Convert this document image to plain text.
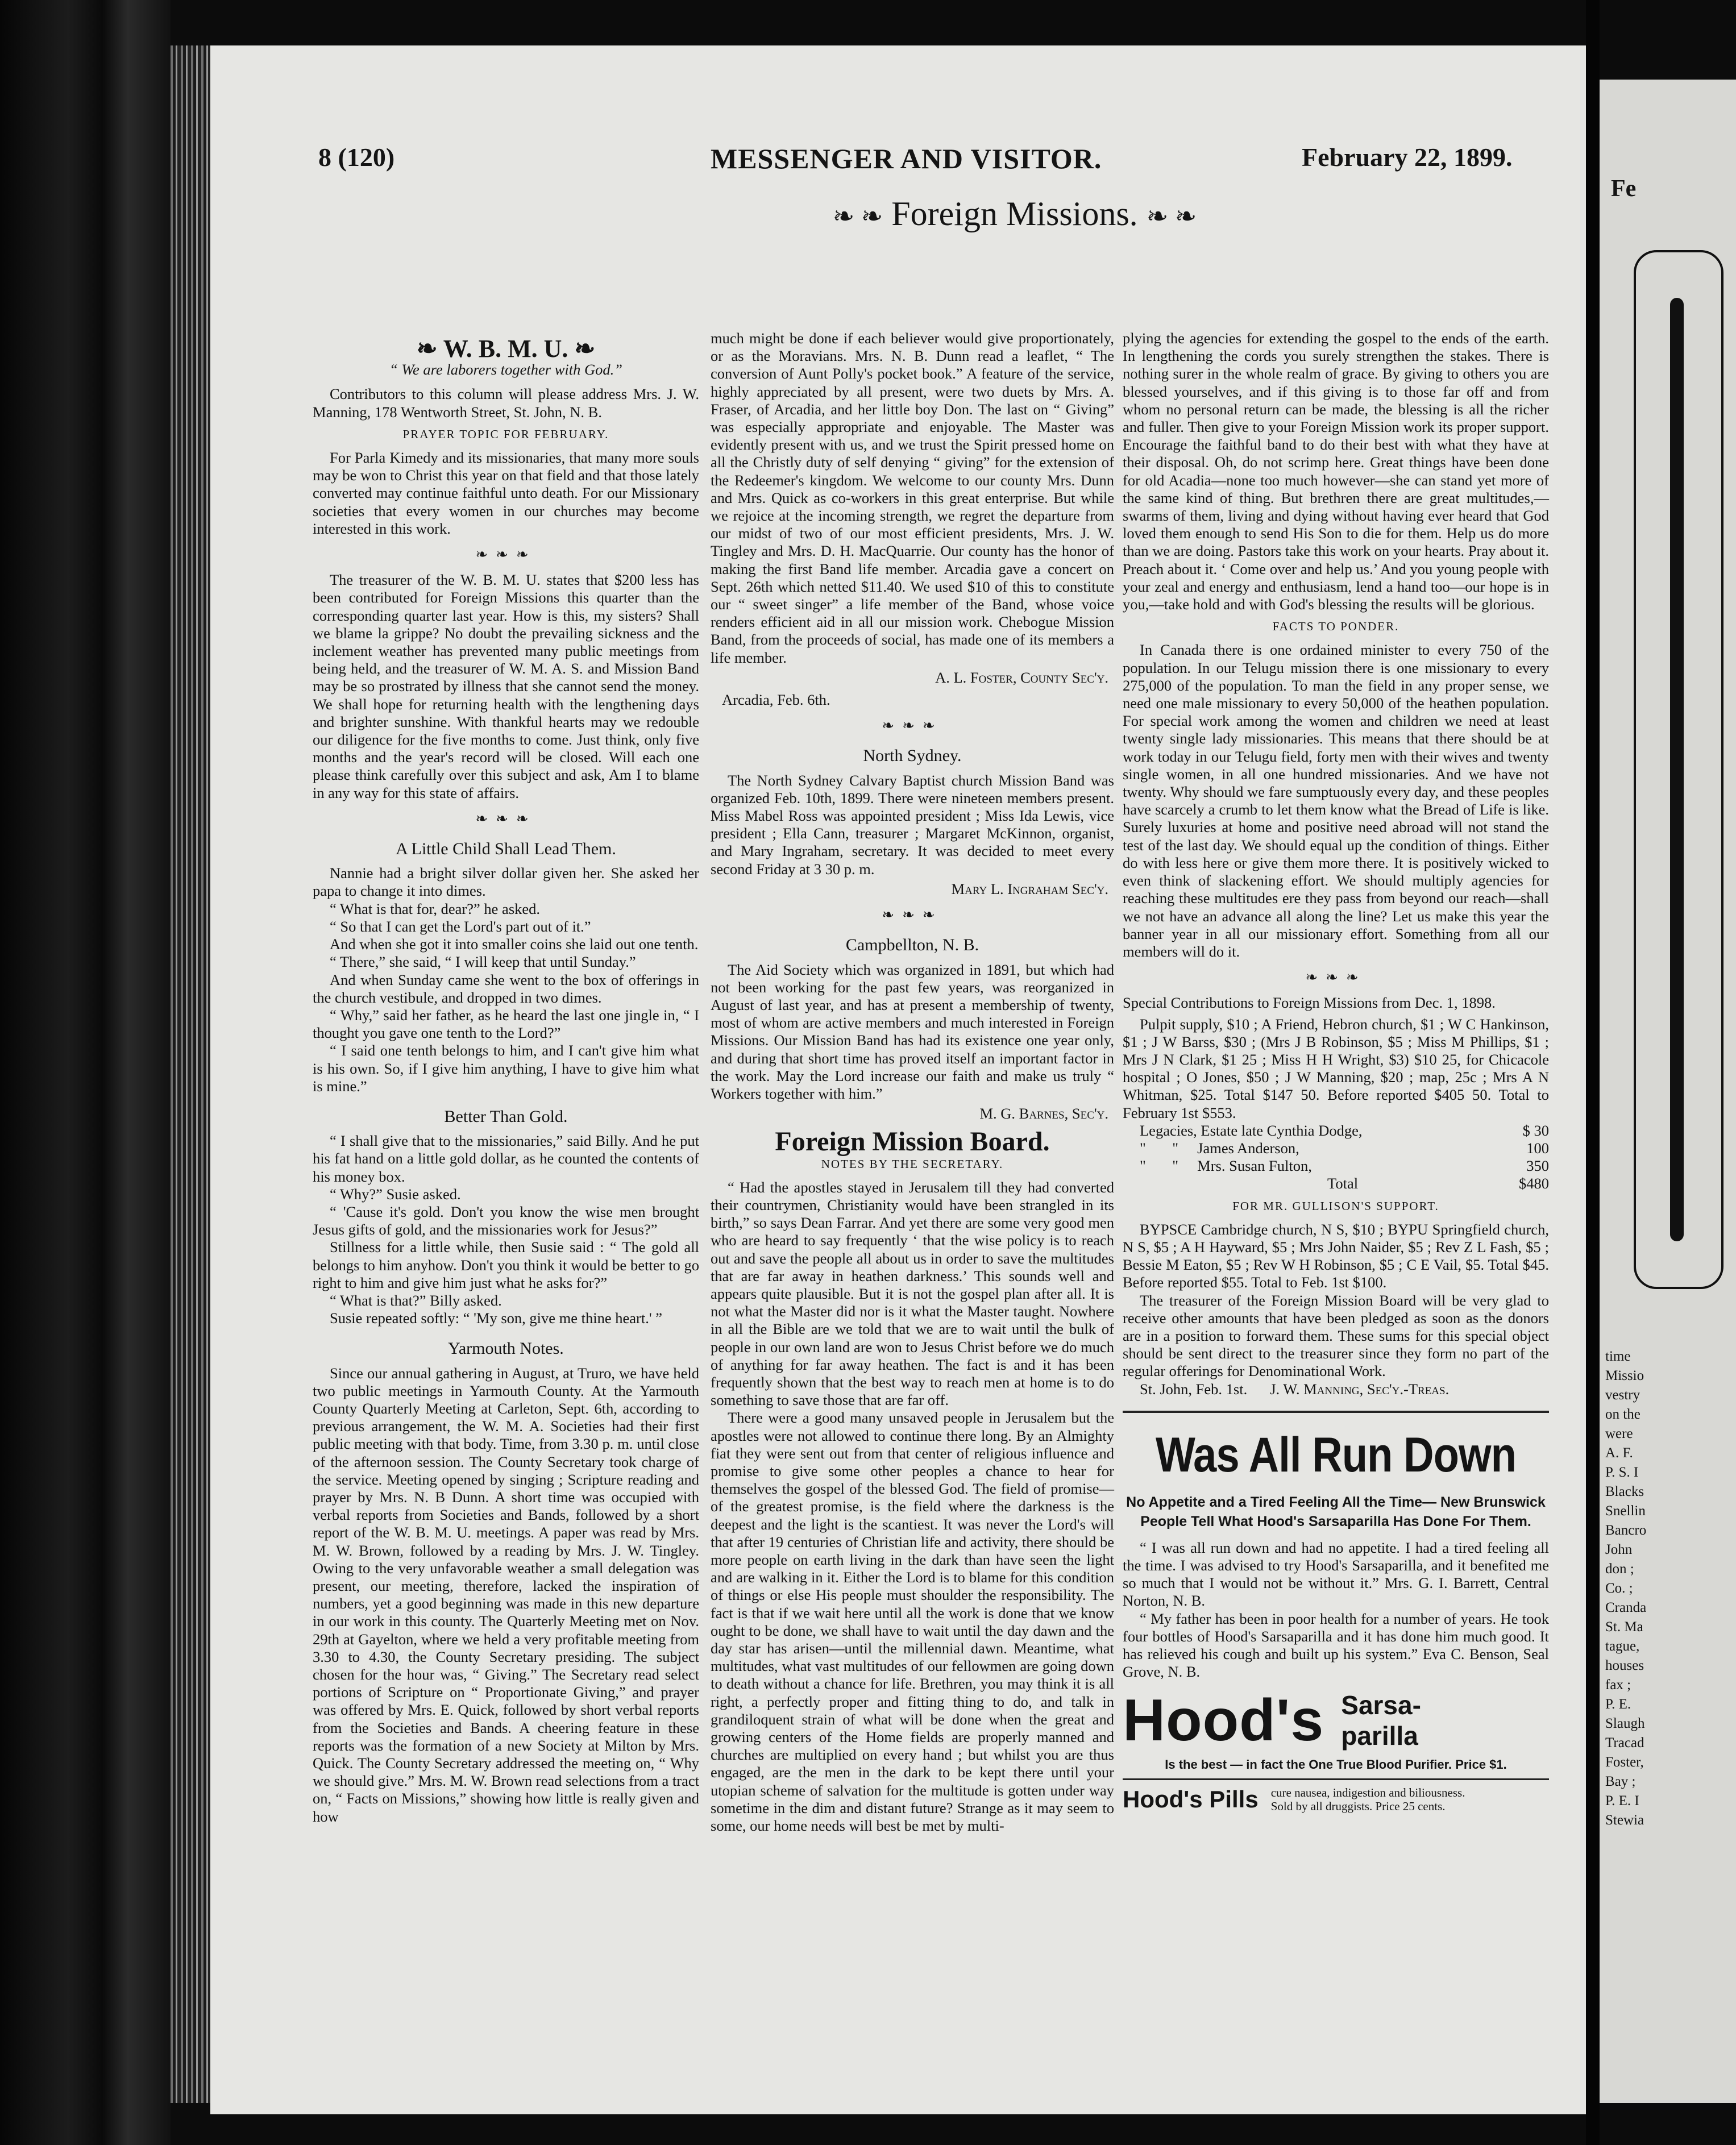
8 (120)	MESSENGER AND VISITOR.	February 22, 1899.
❧ ❧ Foreign Missions. ❧ ❧
❧ W. B. M. U. ❧
“ We are laborers together with God.”

Contributors to this column will please address Mrs. J. W. Manning, 178 Wentworth Street, St. John, N. B.

PRAYER TOPIC FOR FEBRUARY.

For Parla Kimedy and its missionaries, that many more souls may be won to Christ this year on that field and that those lately converted may continue faithful unto death. For our Missionary societies that every women in our churches may become interested in this work.

❧❧❧

The treasurer of the W. B. M. U. states that $200 less has been contributed for Foreign Missions this quarter than the corresponding quarter last year. How is this, my sisters? Shall we blame la grippe? No doubt the prevailing sickness and the inclement weather has prevented many public meetings from being held, and the treasurer of W. M. A. S. and Mission Band may be so prostrated by illness that she cannot send the money. We shall hope for returning health with the lengthening days and brighter sunshine. With thankful hearts may we redouble our diligence for the five months to come. Just think, only five months and the year's record will be closed. Will each one please think carefully over this subject and ask, Am I to blame in any way for this state of affairs.

❧❧❧
A Little Child Shall Lead Them.

Nannie had a bright silver dollar given her. She asked her papa to change it into dimes.

“ What is that for, dear?” he asked.

“ So that I can get the Lord's part out of it.”

And when she got it into smaller coins she laid out one tenth.

“ There,” she said, “ I will keep that until Sunday.”

And when Sunday came she went to the box of offerings in the church vestibule, and dropped in two dimes.

“ Why,” said her father, as he heard the last one jingle in, “ I thought you gave one tenth to the Lord?”

“ I said one tenth belongs to him, and I can't give him what is his own. So, if I give him anything, I have to give him what is mine.”

Better Than Gold.

“ I shall give that to the missionaries,” said Billy. And he put his fat hand on a little gold dollar, as he counted the contents of his money box.

“ Why?” Susie asked.

“ 'Cause it's gold. Don't you know the wise men brought Jesus gifts of gold, and the missionaries work for Jesus?”

Stillness for a little while, then Susie said : “ The gold all belongs to him anyhow. Don't you think it would be better to go right to him and give him just what he asks for?”

“ What is that?” Billy asked.

Susie repeated softly: “ 'My son, give me thine heart.' ”

Yarmouth Notes.

Since our annual gathering in August, at Truro, we have held two public meetings in Yarmouth County. At the Yarmouth County Quarterly Meeting at Carleton, Sept. 6th, according to previous arrangement, the W. M. A. Societies had their first public meeting with that body. Time, from 3.30 p. m. until close of the afternoon session. The County Secretary took charge of the service. Meeting opened by singing ; Scripture reading and prayer by Mrs. N. B Dunn. A short time was occupied with verbal reports from Societies and Bands, followed by a short report of the W. B. M. U. meetings. A paper was read by Mrs. M. W. Brown, followed by a reading by Mrs. J. W. Tingley. Owing to the very unfavorable weather a small delegation was present, our meeting, therefore, lacked the inspiration of numbers, yet a good beginning was made in this new departure in our work in this county. The Quarterly Meeting met on Nov. 29th at Gayelton, where we held a very profitable meeting from 3.30 to 4.30, the County Secretary presiding. The subject chosen for the hour was, “ Giving.” The Secretary read select portions of Scripture on “ Proportionate Giving,” and prayer was offered by Mrs. E. Quick, followed by short verbal reports from the Societies and Bands. A cheering feature in these reports was the formation of a new Society at Milton by Mrs. Quick. The County Secretary addressed the meeting on, “ Why we should give.” Mrs. M. W. Brown read selections from a tract on, “ Facts on Missions,” showing how little is really given and how

much might be done if each believer would give proportionately, or as the Moravians. Mrs. N. B. Dunn read a leaflet, “ The conversion of Aunt Polly's pocket book.” A feature of the service, highly appreciated by all present, were two duets by Mrs. A. Fraser, of Arcadia, and her little boy Don. The last on “ Giving” was especially appropriate and enjoyable. The Master was evidently present with us, and we trust the Spirit pressed home on all the Christly duty of self denying “ giving” for the extension of the Redeemer's kingdom. We welcome to our county Mrs. Dunn and Mrs. Quick as co-workers in this great enterprise. But while we rejoice at the incoming strength, we regret the departure from our midst of two of our most efficient presidents, Mrs. J. W. Tingley and Mrs. D. H. MacQuarrie. Our county has the honor of making the first Band life member. Arcadia gave a concert on Sept. 26th which netted $11.40. We used $10 of this to constitute our “ sweet singer” a life member of the Band, whose voice renders efficient aid in all our mission work. Chebogue Mission Band, from the proceeds of social, has made one of its members a life member.

A. L. Foster, County Sec'y.
Arcadia, Feb. 6th.
❧❧❧
North Sydney.

The North Sydney Calvary Baptist church Mission Band was organized Feb. 10th, 1899. There were nineteen members present. Miss Mabel Ross was appointed president ; Miss Ida Lewis, vice president ; Ella Cann, treasurer ; Margaret McKinnon, organist, and Mary Ingraham, secretary. It was decided to meet every second Friday at 3 30 p. m.

Mary L. Ingraham Sec'y.
❧❧❧
Campbellton, N. B.

The Aid Society which was organized in 1891, but which had not been working for the past few years, was reorganized in August of last year, and has at present a membership of twenty, most of whom are active members and much interested in Foreign Missions. Our Mission Band has had its existence one year only, and during that short time has proved itself an important factor in the work. May the Lord increase our faith and make us truly “ Workers together with him.”

M. G. Barnes, Sec'y.
Foreign Mission Board.
NOTES BY THE SECRETARY.

“ Had the apostles stayed in Jerusalem till they had converted their countrymen, Christianity would have been strangled in its birth,” so says Dean Farrar. And yet there are some very good men who are heard to say frequently ‘ that the wise policy is to reach out and save the people all about us in order to save the multitudes that are far away in heathen darkness.’ This sounds well and appears quite plausible. But it is not the gospel plan after all. It is not what the Master did nor is it what the Master taught. Nowhere in all the Bible are we told that we are to wait until the bulk of people in our own land are won to Jesus Christ before we do much of anything for far away heathen. The fact is and it has been frequently shown that the best way to reach men at home is to do something to save those that are far off.

There were a good many unsaved people in Jerusalem but the apostles were not allowed to continue there long. By an Almighty fiat they were sent out from that center of religious influence and promise to give some other peoples a chance to hear for themselves the gospel of the blessed God. The field of promise—of the greatest promise, is the field where the darkness is the deepest and the light is the scantiest. It was never the Lord's will that after 19 centuries of Christian life and activity, there should be more people on earth living in the dark than have seen the light and are walking in it. Either the Lord is to blame for this condition of things or else His people must shoulder the responsibility. The fact is that if we wait here until all the work is done that we know ought to be done, we shall have to wait until the day dawn and the day star has arisen—until the millennial dawn. Meantime, what multitudes, what vast multitudes of our fellowmen are going down to death without a chance for life. Brethren, you may think it is all right, a perfectly proper and fitting thing to do, and talk in grandiloquent strain of what will be done when the great and growing centers of the Home fields are properly manned and churches are multiplied on every hand ; but whilst you are thus engaged, are the men in the dark to be kept there until your utopian scheme of salvation for the multitude is gotten under way sometime in the dim and distant future? Strange as it may seem to some, our home needs will best be met by multi-

plying the agencies for extending the gospel to the ends of the earth. In lengthening the cords you surely strengthen the stakes. There is nothing surer in the whole realm of grace. By giving to others you are blessed yourselves, and if this giving is to those far off and from whom no personal return can be made, the blessing is all the richer and fuller. Then give to your Foreign Mission work its proper support. Encourage the faithful band to do their best with what they have at their disposal. Oh, do not scrimp here. Great things have been done for old Acadia—none too much however—she can stand yet more of the same kind of thing. But brethren there are great multitudes,—swarms of them, living and dying without having ever heard that God loved them enough to send His Son to die for them. Help us do more than we are doing. Pastors take this work on your hearts. Pray about it. Preach about it. ‘ Come over and help us.’ And you young people with your zeal and energy and enthusiasm, lend a hand too—our hope is in you,—take hold and with God's blessing the results will be glorious.

FACTS TO PONDER.

In Canada there is one ordained minister to every 750 of the population. In our Telugu mission there is one missionary to every 275,000 of the population. To man the field in any proper sense, we need one male missionary to every 50,000 of the heathen population. For special work among the women and children we need at least twenty single lady missionaries. This means that there should be at work today in our Telugu field, forty men with their wives and twenty single women, in all one hundred missionaries. And we have not twenty. Why should we fare sumptuously every day, and these peoples have scarcely a crumb to let them know what the Bread of Life is like. Surely luxuries at home and positive need abroad will not stand the test of the last day. We should equal up the condition of things. Either do with less here or give them more there. It is positively wicked to even think of slackening effort. We should multiply agencies for reaching these multitudes ere they pass from beyond our reach—shall we not have an advance all along the line? Let us make this year the banner year in all our missionary effort. Something from all our members will do it.

❧❧❧

Special Contributions to Foreign Missions from Dec. 1, 1898.

Pulpit supply, $10 ; A Friend, Hebron church, $1 ; W C Hankinson, $1 ; J W Barss, $30 ; (Mrs J B Robinson, $5 ; Miss M Phillips, $1 ; Mrs J N Clark, $1 25 ; Miss H H Wright, $3) $10 25, for Chicacole hospital ; O Jones, $50 ; J W Manning, $20 ; map, 25c ; Mrs A N Whitman, $25. Total $147 50. Before reported $405 50. Total to February 1st $553.

Legacies, Estate late Cynthia Dodge,	$ 30
"       "     James Anderson,	100
"       "     Mrs. Susan Fulton,	350
Total	$480
FOR MR. GULLISON'S SUPPORT.

BYPSCE Cambridge church, N S, $10 ; BYPU Springfield church, N S, $5 ; A H Hayward, $5 ; Mrs John Naider, $5 ; Rev Z L Fash, $5 ; Bessie M Eaton, $5 ; Rev W H Robinson, $5 ; C E Vail, $5. Total $45. Before reported $55. Total to Feb. 1st $100.

The treasurer of the Foreign Mission Board will be very glad to receive other amounts that have been pledged as soon as the donors are in a position to forward them. These sums for this special object should be sent direct to the treasurer since they form no part of the regular offerings for Denominational Work.

St. John, Feb. 1st. J. W. Manning, Sec'y.-Treas.
Was All Run Down
No Appetite and a Tired Feeling All the Time— New Brunswick People Tell What Hood's Sarsaparilla Has Done For Them.

“ I was all run down and had no appetite. I had a tired feeling all the time. I was advised to try Hood's Sarsaparilla, and it benefited me so much that I would not be without it.” Mrs. G. I. Barrett, Central Norton, N. B.

“ My father has been in poor health for a number of years. He took four bottles of Hood's Sarsaparilla and it has done him much good. It has relieved his cough and built up his system.” Eva C. Benson, Seal Grove, N. B.

Hood's Sarsa-
parilla
Is the best — in fact the One True Blood Purifier. Price $1.
Hood's Pills cure nausea, indigestion and biliousness.
Sold by all druggists. Price 25 cents.
Fe
time
Missio
vestry
on the
were
A. F.
P. S. I
Blacks
Snellin
Bancro
John
don ;
Co. ;
Cranda
St. Ma
tague,
houses
fax ;
P. E.
Slaugh
Tracad
Foster,
Bay ;
P. E. I
Stewia
